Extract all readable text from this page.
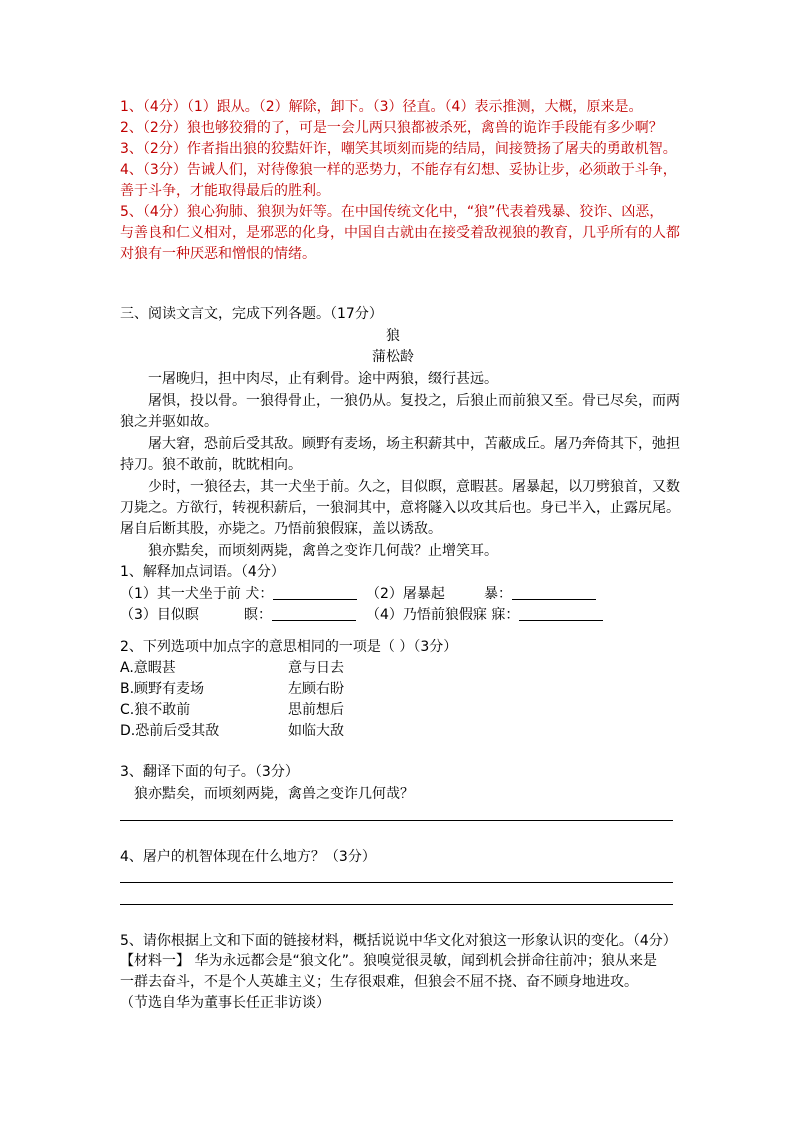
1、（4分）（1）跟从。（2）解除，卸下。（3）径直。（4）表示推测，大概，原来是。
2、（2分）狼也够狡猾的了，可是一会儿两只狼都被杀死，禽兽的诡诈手段能有多少啊？
3、（2分）作者指出狼的狡黠奸诈，嘲笑其顷刻而毙的结局，间接赞扬了屠夫的勇敢机智。
4、（3分）告诫人们，对待像狼一样的恶势力，不能存有幻想、妥协让步，必须敢于斗争，
善于斗争，才能取得最后的胜利。
5、（4分）狼心狗肺、狼狈为奸等。在中国传统文化中，“狼”代表着残暴、狡诈、凶恶，
与善良和仁义相对，是邪恶的化身，中国自古就由在接受着敌视狼的教育，几乎所有的人都
对狼有一种厌恶和憎恨的情绪。
三、阅读文言文，完成下列各题。（17分）
狼
蒲松龄
一屠晚归，担中肉尽，止有剩骨。途中两狼，缀行甚远。
屠惧，投以骨。一狼得骨止，一狼仍从。复投之，后狼止而前狼又至。骨已尽矣，而两
狼之并驱如故。
屠大窘，恐前后受其敌。顾野有麦场，场主积薪其中，苫蔽成丘。屠乃奔倚其下，弛担
持刀。狼不敢前，眈眈相向。
少时，一狼径去，其一犬坐于前。久之，目似瞑，意暇甚。屠暴起，以刀劈狼首，又数
刀毙之。方欲行，转视积薪后，一狼洞其中，意将隧入以攻其后也。身已半入，止露尻尾。
屠自后断其股，亦毙之。乃悟前狼假寐，盖以诱敌。
狼亦黠矣，而顷刻两毙，禽兽之变诈几何哉？止增笑耳。
1、解释加点词语。（4分）
（1）其一犬坐于前 犬：	（2）屠暴起	暴：
（3）目似瞑	瞑：	（4）乃悟前狼假寐 寐：
2、下列选项中加点字的意思相同的一项是（ ）（3分）
A.意暇甚	意与日去
B.顾野有麦场	左顾右盼
C.狼不敢前	思前想后
D.恐前后受其敌	如临大敌
3、翻译下面的句子。（3分）
狼亦黠矣，而顷刻两毙，禽兽之变诈几何哉？
4、屠户的机智体现在什么地方？（3分）
5、请你根据上文和下面的链接材料，概括说说中华文化对狼这一形象认识的变化。（4分）
【材料一】 华为永远都会是“狼文化”。狼嗅觉很灵敏，闻到机会拼命往前冲；狼从来是
一群去奋斗，不是个人英雄主义；生存很艰难，但狼会不屈不挠、奋不顾身地进攻。
（节选自华为董事长任正非访谈）
